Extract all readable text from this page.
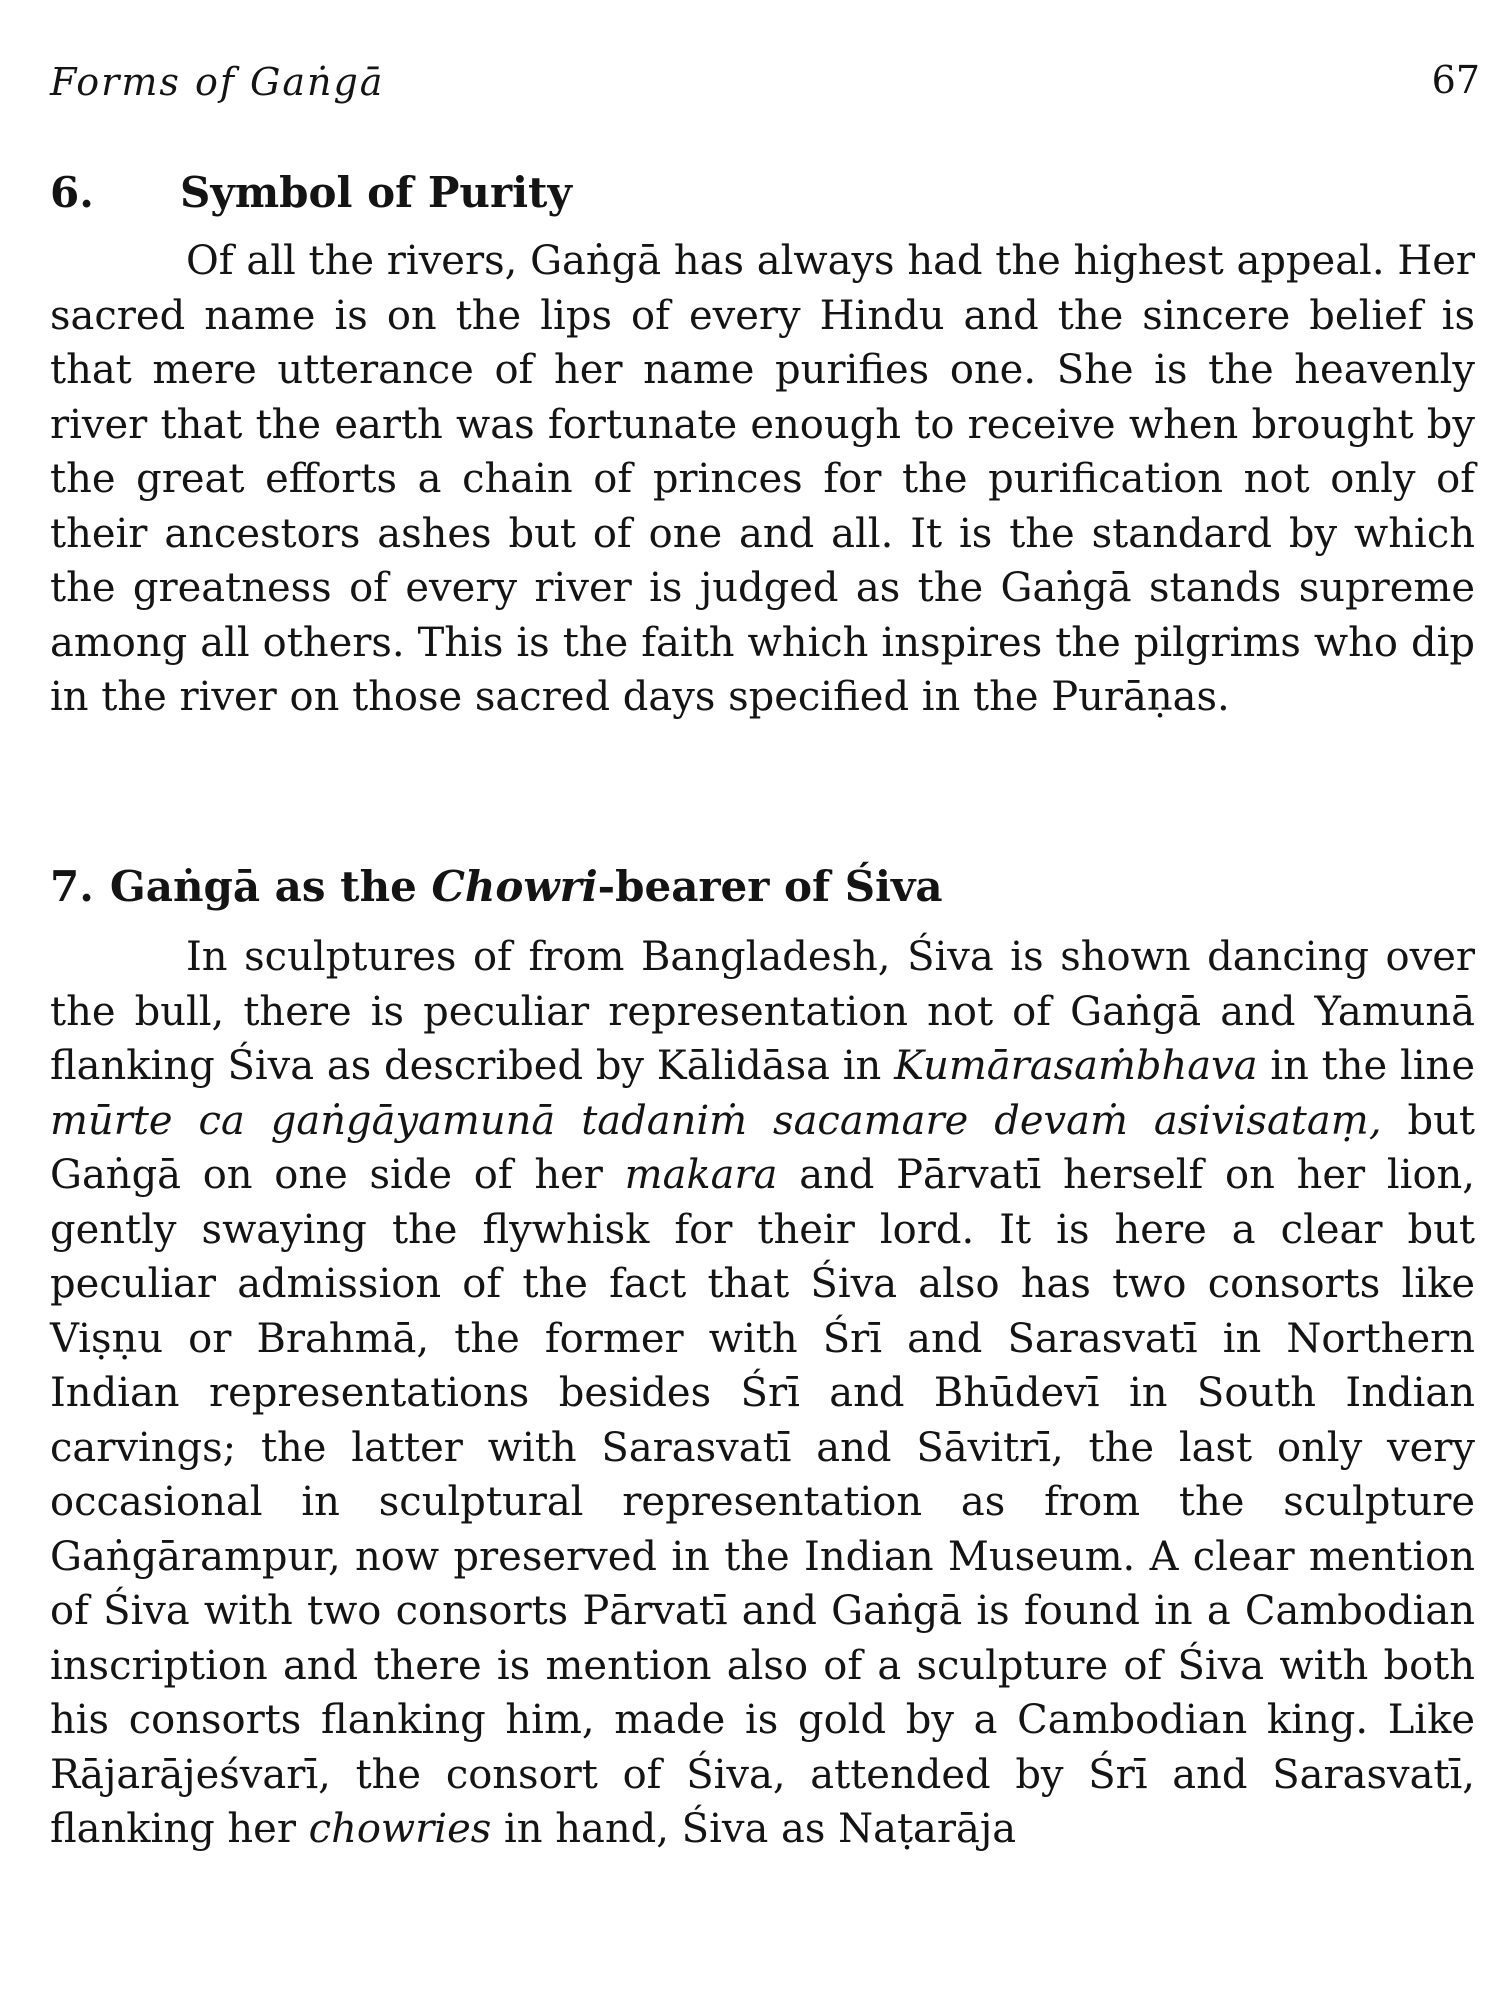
Forms of Gaṅgā	67
6. Symbol of Purity

Of all the rivers, Gaṅgā has always had the highest appeal. Her sacred name is on the lips of every Hindu and the sincere belief is that mere utterance of her name purifies one. She is the heavenly river that the earth was fortunate enough to receive when brought by the great efforts a chain of princes for the purification not only of their ancestors ashes but of one and all. It is the standard by which the greatness of every river is judged as the Gaṅgā stands supreme among all others. This is the faith which inspires the pilgrims who dip in the river on those sacred days specified in the Purāṇas.

7. Gaṅgā as the Chowri-bearer of Śiva

In sculptures of from Bangladesh, Śiva is shown dancing over the bull, there is peculiar representation not of Gaṅgā and Yamunā flanking Śiva as described by Kālidāsa in Kumārasaṁbhava in the line mūrte ca gaṅgāyamunā tadaniṁ sacamare devaṁ asivisataṃ, but Gaṅgā on one side of her makara and Pārvatī herself on her lion, gently swaying the flywhisk for their lord. It is here a clear but peculiar admission of the fact that Śiva also has two consorts like Viṣṇu or Brahmā, the former with Śrī and Sarasvatī in Northern Indian representations besides Śrī and Bhūdevī in South Indian carvings; the latter with Sarasvatī and Sāvitrī, the last only very occasional in sculptural representation as from the sculpture Gaṅgārampur, now preserved in the Indian Museum. A clear mention of Śiva with two consorts Pārvatī and Gaṅgā is found in a Cambodian inscription and there is mention also of a sculpture of Śiva with both his consorts flanking him, made is gold by a Cambodian king. Like Rājarājeśvarī, the consort of Śiva, attended by Śrī and Sarasvatī, flanking her chowries in hand, Śiva as Naṭarāja
